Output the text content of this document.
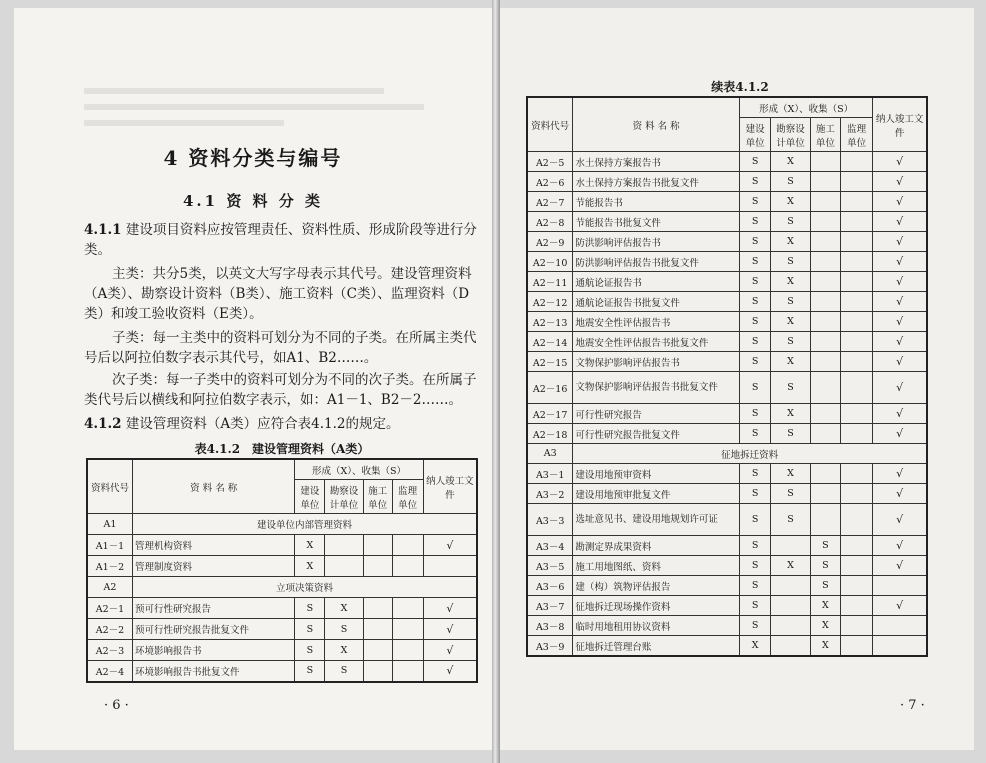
4 资料分类与编号
4.1 资 料 分 类
4.1.1 建设项目资料应按管理责任、资料性质、形成阶段等进行分类。
主类：共分5类，以英文大写字母表示其代号。建设管理资料（A类）、勘察设计资料（B类）、施工资料（C类）、监理资料（D类）和竣工验收资料（E类）。
子类：每一主类中的资料可划分为不同的子类。在所属主类代号后以阿拉伯数字表示其代号，如A1、B2……。
次子类：每一子类中的资料可划分为不同的次子类。在所属子类代号后以横线和阿拉伯数字表示，如：A1－1、B2－2……。
4.1.2 建设管理资料（A类）应符合表4.1.2的规定。
表4.1.2　建设管理资料（A类）
资料代号	资 料 名 称	形成（X）、收集（S）				纳人竣工文件
		建设单位	勘察设计单位	施工单位	监理单位	
A1	建设单位内部管理资料					
A1－1	管理机构资料	X				√
A1－2	管理制度资料	X				
A2	立项决策资料					
A2－1	预可行性研究报告	S	X			√
A2－2	预可行性研究报告批复文件	S	S			√
A2－3	环境影响报告书	S	X			√
A2－4	环境影响报告书批复文件	S	S			√
· 6 ·
续表4.1.2
资料代号	资 料 名 称	形成（X）、收集（S）				纳人竣工文件
		建设单位	勘察设计单位	施工单位	监理单位	
A2－5	水土保持方案报告书	S	X			√
A2－6	水土保持方案报告书批复文件	S	S			√
A2－7	节能报告书	S	X			√
A2－8	节能报告书批复文件	S	S			√
A2－9	防洪影响评估报告书	S	X			√
A2－10	防洪影响评估报告书批复文件	S	S			√
A2－11	通航论证报告书	S	X			√
A2－12	通航论证报告书批复文件	S	S			√
A2－13	地震安全性评估报告书	S	X			√
A2－14	地震安全性评估报告书批复文件	S	S			√
A2－15	文物保护影响评估报告书	S	X			√
A2－16	文物保护影响评估报告书批复文件	S	S			√
A2－17	可行性研究报告	S	X			√
A2－18	可行性研究报告批复文件	S	S			√
A3	征地拆迁资料					
A3－1	建设用地预审资料	S	X			√
A3－2	建设用地预审批复文件	S	S			√
A3－3	选址意见书、建设用地规划许可证	S	S			√
A3－4	勘测定界成果资料	S		S		√
A3－5	施工用地图纸、资料	S	X	S		√
A3－6	建（构）筑物评估报告	S		S		
A3－7	征地拆迁现场操作资料	S		X		√
A3－8	临时用地租用协议资料	S		X		
A3－9	征地拆迁管理台账	X		X		
· 7 ·
